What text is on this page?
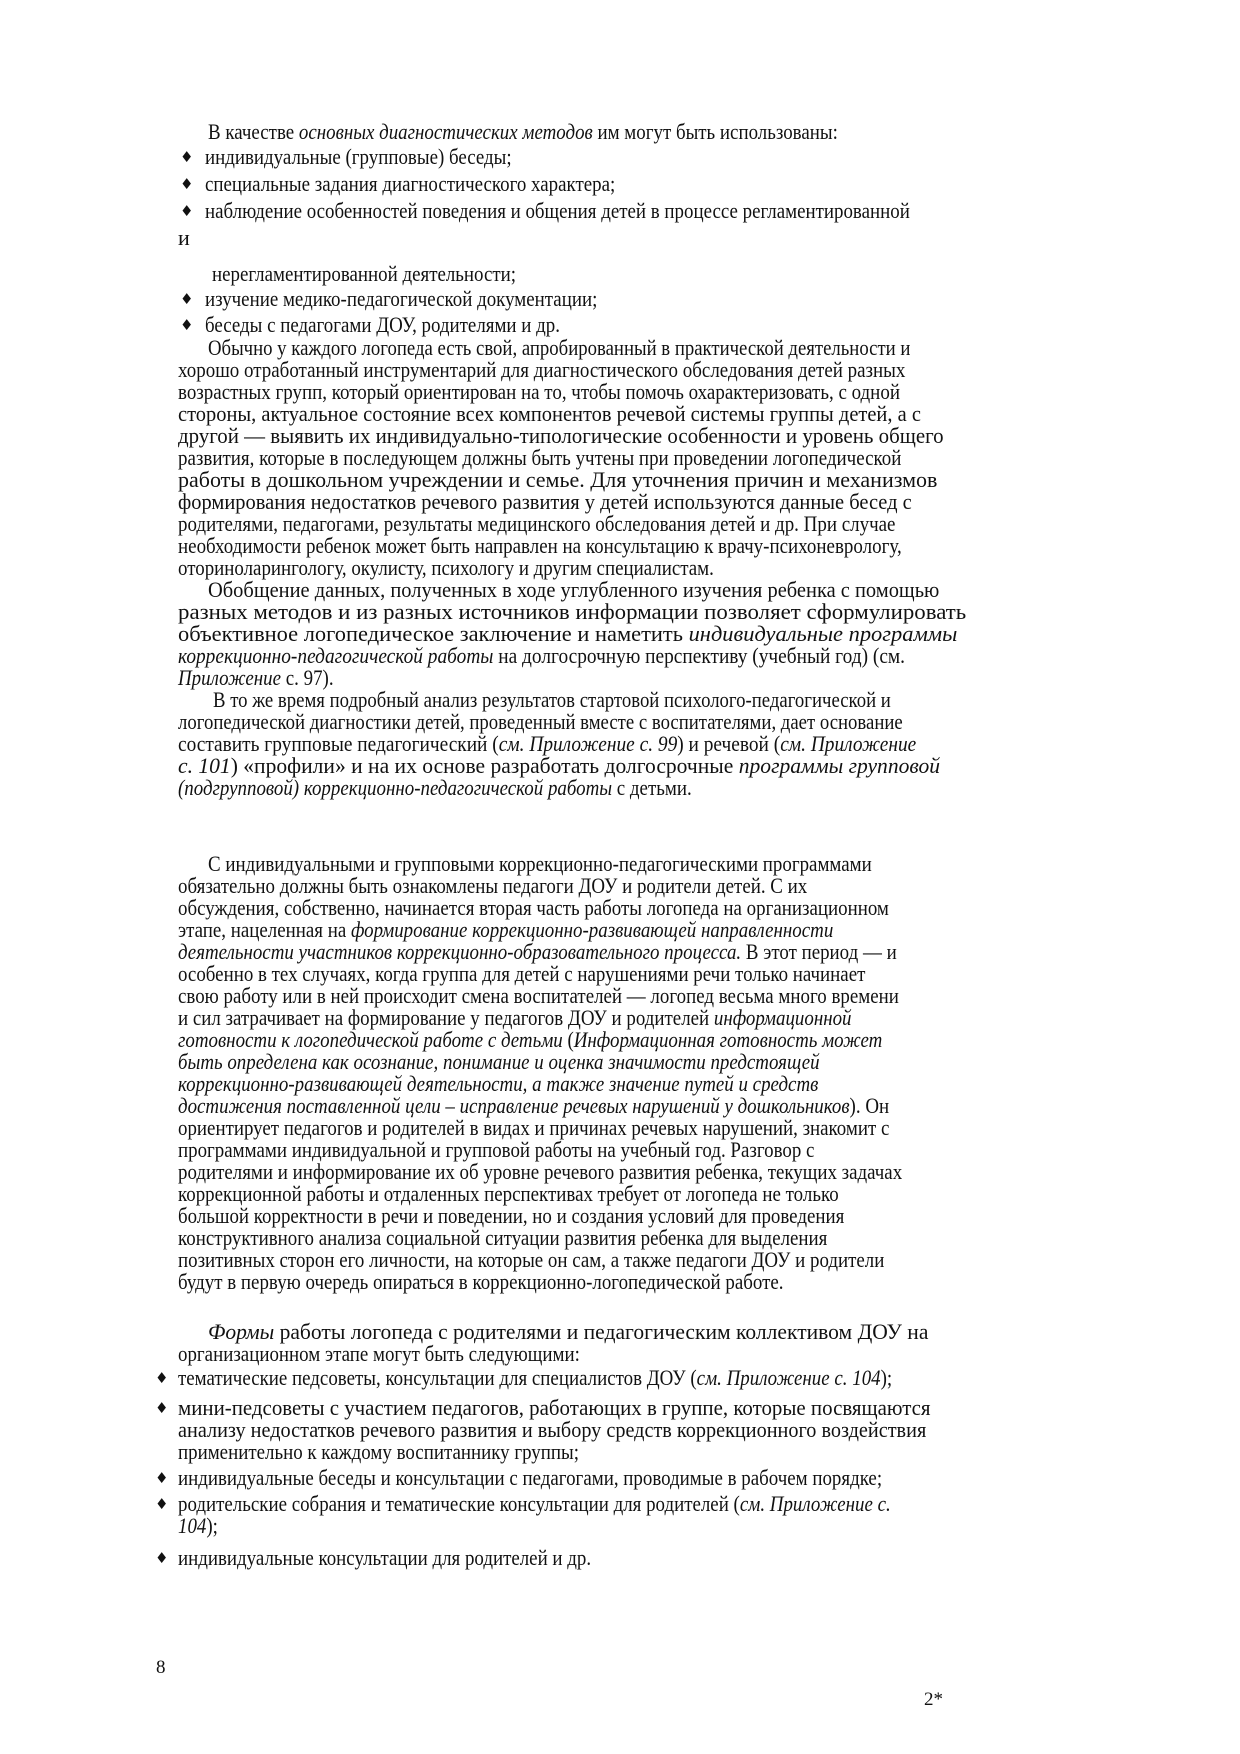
В качестве основных диагностических методов им могут быть использованы:
♦ индивидуальные (групповые) беседы;
♦ специальные задания диагностического характера;
♦ наблюдение особенностей поведения и общения детей в процессе регламентированной
и
нерегламентированной деятельности;
♦ изучение медико-педагогической документации;
♦ беседы с педагогами ДОУ, родителями и др.
Обычно у каждого логопеда есть свой, апробированный в практической деятельности и
хорошо отработанный инструментарий для диагностического обследования детей разных
возрастных групп, который ориентирован на то, чтобы помочь охарактеризовать, с одной
стороны, актуальное состояние всех компонентов речевой системы группы детей, а с
другой — выявить их индивидуально-типологические особенности и уровень общего
развития, которые в последующем должны быть учтены при проведении логопедической
работы в дошкольном учреждении и семье. Для уточнения причин и механизмов
формирования недостатков речевого развития у детей используются данные бесед с
родителями, педагогами, результаты медицинского обследования детей и др. При случае
необходимости ребенок может быть направлен на консультацию к врачу-психоневрологу,
оториноларингологу, окулисту, психологу и другим специалистам.
Обобщение данных, полученных в ходе углубленного изучения ребенка с помощью
разных методов и из разных источников информации позволяет сформулировать
объективное логопедическое заключение и наметить индивидуальные программы
коррекционно-педагогической работы на долгосрочную перспективу (учебный год) (см.
Приложение с. 97).
В то же время подробный анализ результатов стартовой психолого-педагогической и
логопедической диагностики детей, проведенный вместе с воспитателями, дает основание
составить групповые педагогический (см. Приложение с. 99) и речевой (см. Приложение
с. 101) «профили» и на их основе разработать долгосрочные программы групповой
(подгрупповой) коррекционно-педагогической работы с детьми.
С индивидуальными и групповыми коррекционно-педагогическими программами
обязательно должны быть ознакомлены педагоги ДОУ и родители детей. С их
обсуждения, собственно, начинается вторая часть работы логопеда на организационном
этапе, нацеленная на формирование коррекционно-развивающей направленности
деятельности участников коррекционно-образовательного процесса. В этот период — и
особенно в тех случаях, когда группа для детей с нарушениями речи только начинает
свою работу или в ней происходит смена воспитателей — логопед весьма много времени
и сил затрачивает на формирование у педагогов ДОУ и родителей информационной
готовности к логопедической работе с детьми (Информационная готовность может
быть определена как осознание, понимание и оценка значимости предстоящей
коррекционно-развивающей деятельности, а также значение путей и средств
достижения поставленной цели – исправление речевых нарушений у дошкольников). Он
ориентирует педагогов и родителей в видах и причинах речевых нарушений, знакомит с
программами индивидуальной и групповой работы на учебный год. Разговор с
родителями и информирование их об уровне речевого развития ребенка, текущих задачах
коррекционной работы и отдаленных перспективах требует от логопеда не только
большой корректности в речи и поведении, но и создания условий для проведения
конструктивного анализа социальной ситуации развития ребенка для выделения
позитивных сторон его личности, на которые он сам, а также педагоги ДОУ и родители
будут в первую очередь опираться в коррекционно-логопедической работе.
Формы работы логопеда с родителями и педагогическим коллективом ДОУ на
организационном этапе могут быть следующими:
♦ тематические педсоветы, консультации для специалистов ДОУ (см. Приложение с. 104);
♦ мини-педсоветы с участием педагогов, работающих в группе, которые посвящаются
анализу недостатков речевого развития и выбору средств коррекционного воздействия
применительно к каждому воспитаннику группы;
♦ индивидуальные беседы и консультации с педагогами, проводимые в рабочем порядке;
♦ родительские собрания и тематические консультации для родителей (см. Приложение с.
104);
♦ индивидуальные консультации для родителей и др.
8
2*
